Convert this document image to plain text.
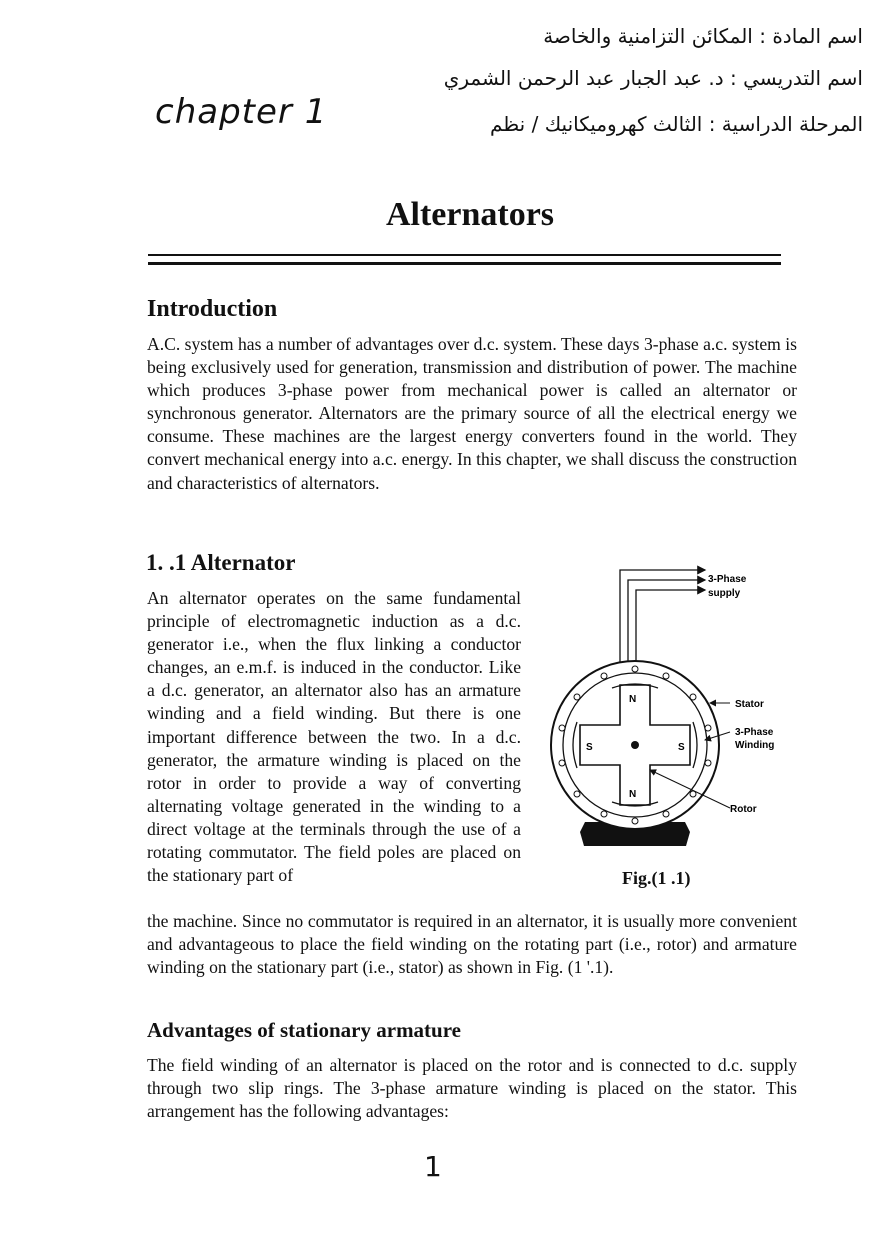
chapter 1
اسم المادة : المكائن التزامنية والخاصة
اسم التدريسي : د. عبد الجبار عبد الرحمن الشمري
المرحلة الدراسية : الثالث كهروميكانيك / نظم
Alternators
Introduction

A.C. system has a number of advantages over d.c. system. These days 3-phase a.c. system is being exclusively used for generation, transmission and distribution of power. The machine which produces 3-phase power from mechanical power is called an alternator or synchronous generator. Alternators are the primary source of all the electrical energy we consume. These machines are the largest energy converters found in the world. They convert mechanical energy into a.c. energy. In this chapter, we shall discuss the construction and characteristics of alternators.

1. .1 Alternator

An alternator operates on the same fundamental principle of electromagnetic induction as a d.c. generator i.e., when the flux linking a conductor changes, an e.m.f. is induced in the conductor. Like a d.c. generator, an alternator also has an armature winding and a field winding. But there is one important difference between the two. In a d.c. generator, the armature winding is placed on the rotor in order to provide a way of converting alternating voltage generated in the winding to a direct voltage at the terminals through the use of a rotating commutator. The field poles are placed on the stationary part of

the machine. Since no commutator is required in an alternator, it is usually more convenient and advantageous to place the field winding on the rotating part (i.e., rotor) and armature winding on the stationary part (i.e., stator) as shown in Fig. (1 '.1).

N
N
S	S
3-Phase
supply
Stator
3-Phase
Winding
Rotor
Fig.(1 .1)
Advantages of stationary armature

The field winding of an alternator is placed on the rotor and is connected to d.c. supply through two slip rings. The 3-phase armature winding is placed on the stator. This arrangement has the following advantages:

1
